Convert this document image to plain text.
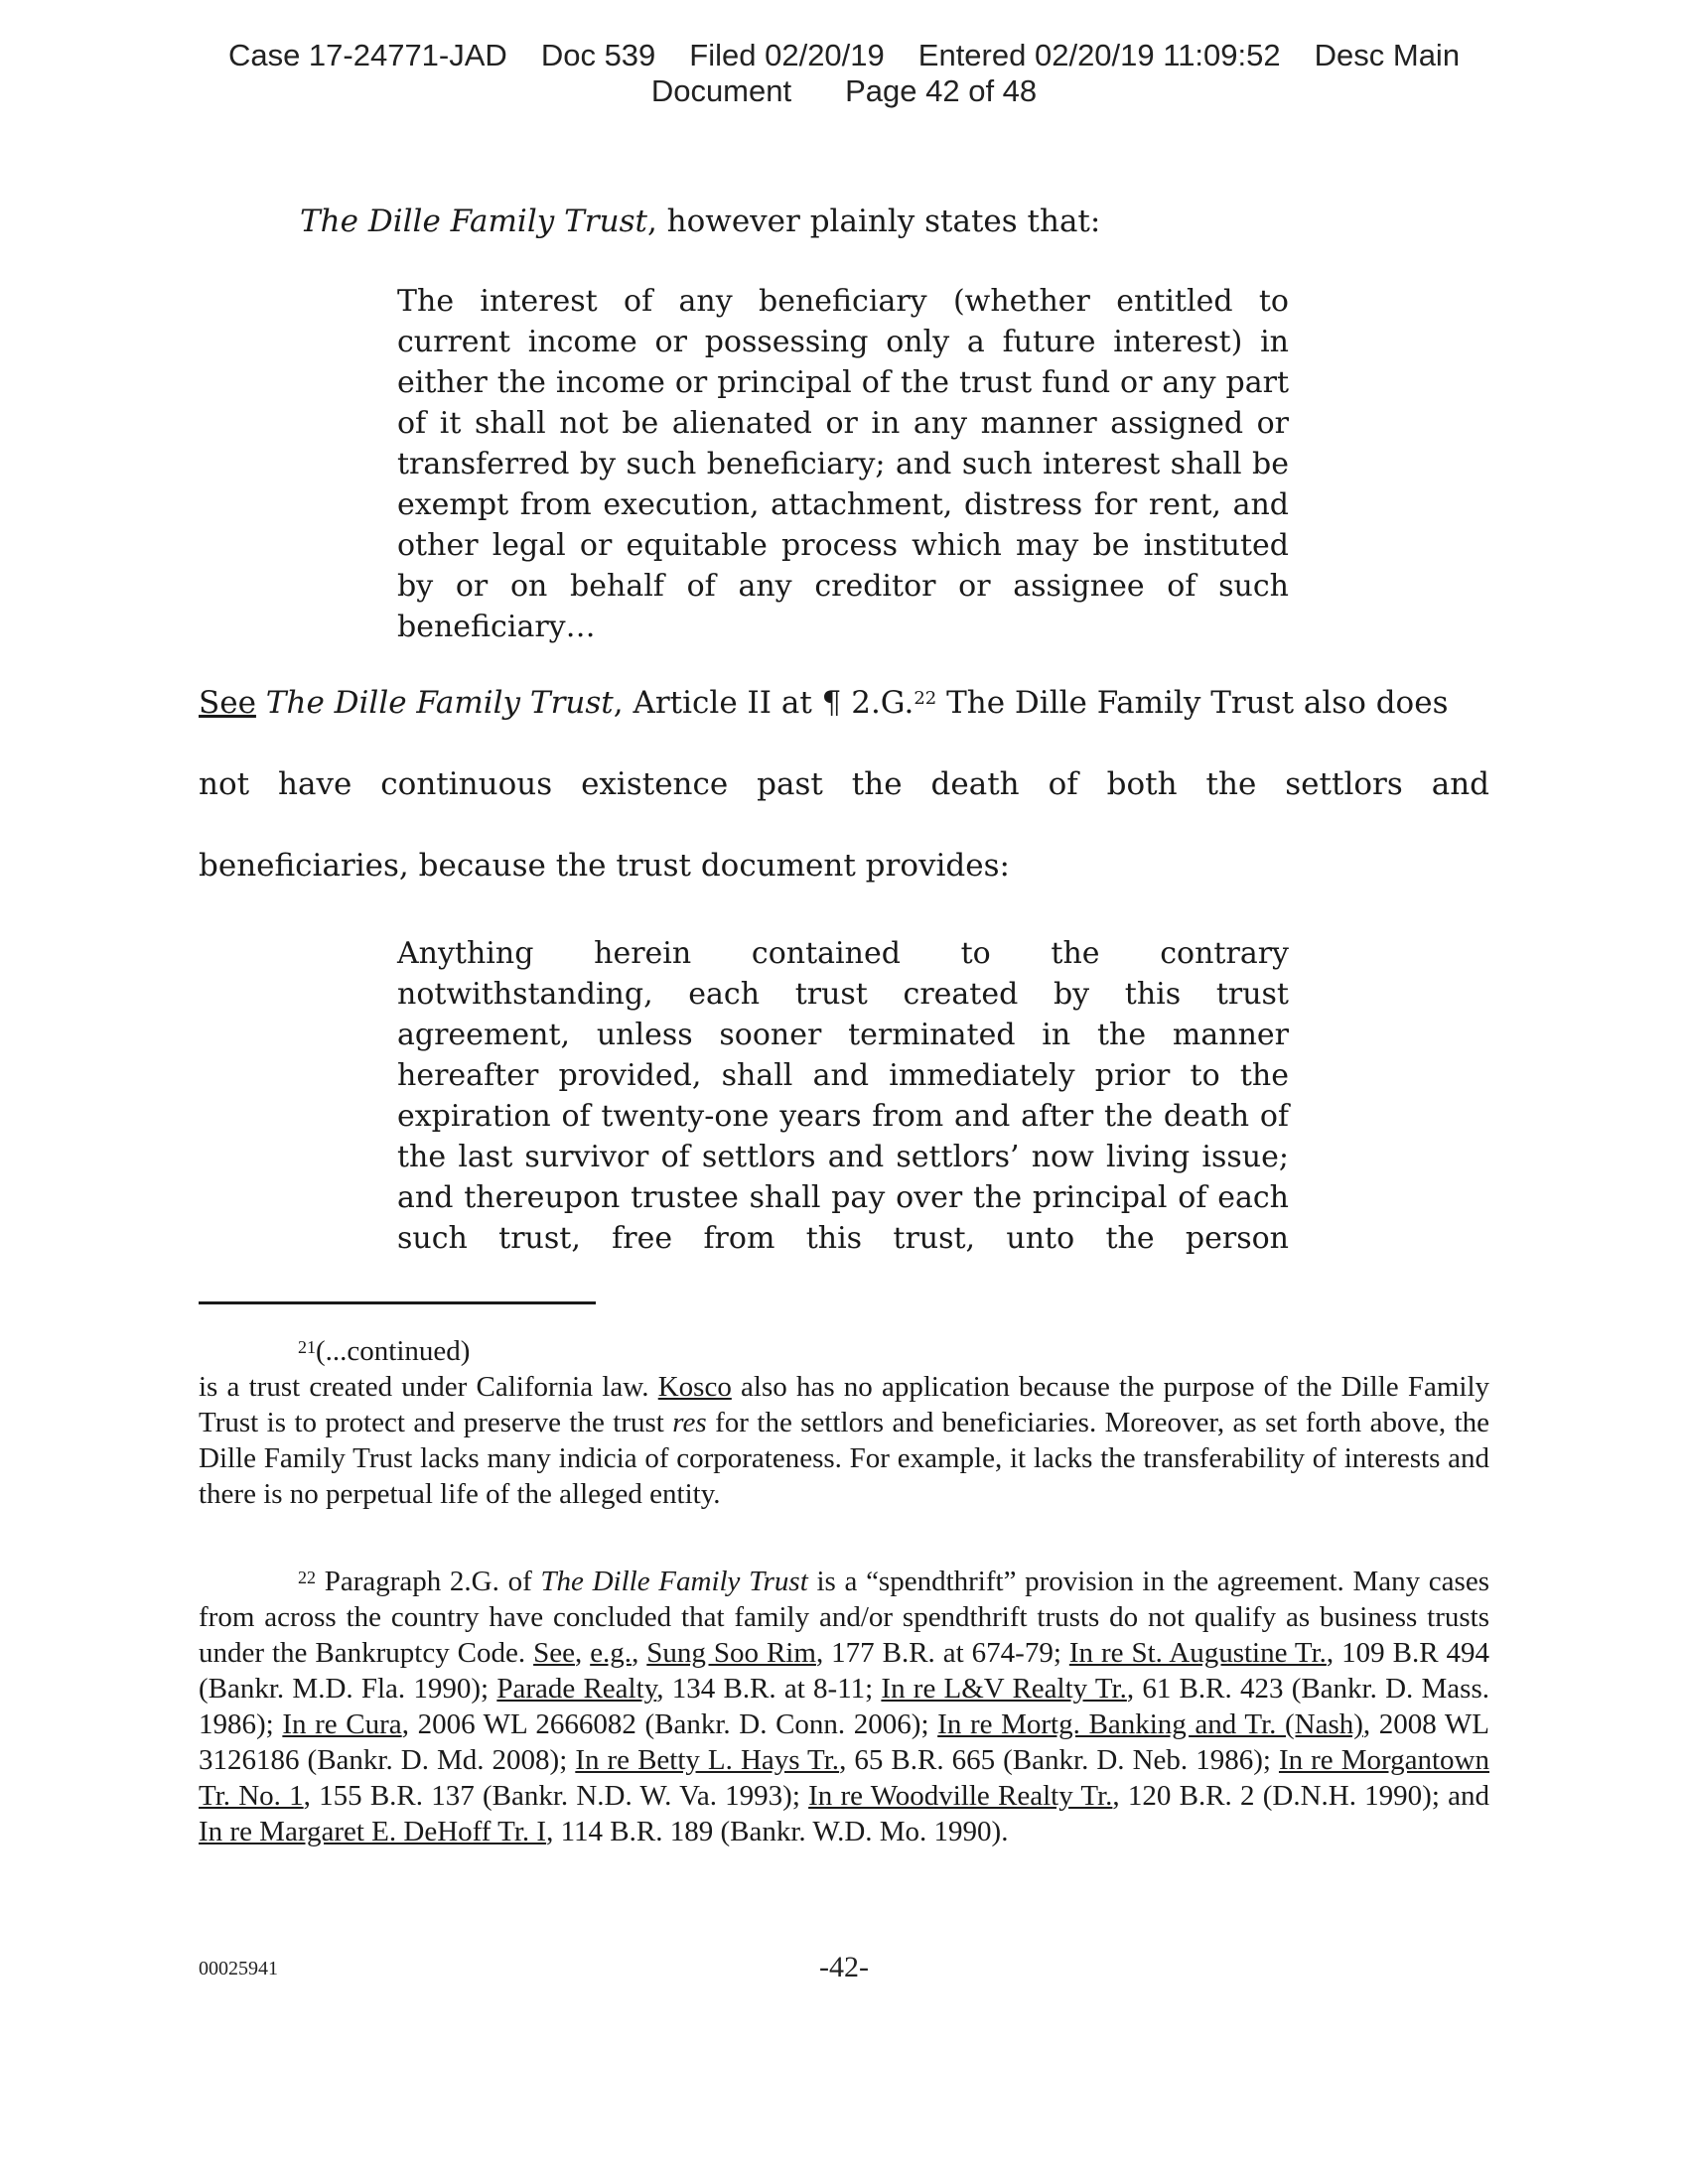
Case 17-24771-JAD Doc 539 Filed 02/20/19 Entered 02/20/19 11:09:52 Desc Main
Document Page 42 of 48
The Dille Family Trust, however plainly states that:
The interest of any beneficiary (whether entitled to current income or possessing only a future interest) in either the income or principal of the trust fund or any part of it shall not be alienated or in any manner assigned or transferred by such beneficiary; and such interest shall be exempt from execution, attachment, distress for rent, and other legal or equitable process which may be instituted by or on behalf of any creditor or assignee of such beneficiary…
See The Dille Family Trust, Article II at ¶ 2.G.$^{22}$ The Dille Family Trust also does
not have continuous existence past the death of both the settlors and
beneficiaries, because the trust document provides:
Anything herein contained to the contrary notwithstanding, each trust created by this trust agreement, unless sooner terminated in the manner hereafter provided, shall and immediately prior to the expiration of twenty-one years from and after the death of the last survivor of settlors and settlors’ now living issue; and thereupon trustee shall pay over the principal of each such trust, free from this trust, unto the person
$^{21}$(...continued)
is a trust created under California law. Kosco also has no application because the purpose of the Dille Family Trust is to protect and preserve the trust res for the settlors and beneficiaries. Moreover, as set forth above, the Dille Family Trust lacks many indicia of corporateness. For example, it lacks the transferability of interests and there is no perpetual life of the alleged entity.
$^{22}$ Paragraph 2.G. of The Dille Family Trust is a “spendthrift” provision in the agreement. Many cases from across the country have concluded that family and/or spendthrift trusts do not qualify as business trusts under the Bankruptcy Code. See, e.g., Sung Soo Rim, 177 B.R. at 674-79; In re St. Augustine Tr., 109 B.R 494 (Bankr. M.D. Fla. 1990); Parade Realty, 134 B.R. at 8-11; In re L&V Realty Tr., 61 B.R. 423 (Bankr. D. Mass. 1986); In re Cura, 2006 WL 2666082 (Bankr. D. Conn. 2006); In re Mortg. Banking and Tr. (Nash), 2008 WL 3126186 (Bankr. D. Md. 2008); In re Betty L. Hays Tr., 65 B.R. 665 (Bankr. D. Neb. 1986); In re Morgantown Tr. No. 1, 155 B.R. 137 (Bankr. N.D. W. Va. 1993); In re Woodville Realty Tr., 120 B.R. 2 (D.N.H. 1990); and In re Margaret E. DeHoff Tr. I, 114 B.R. 189 (Bankr. W.D. Mo. 1990).
00025941	-42-
